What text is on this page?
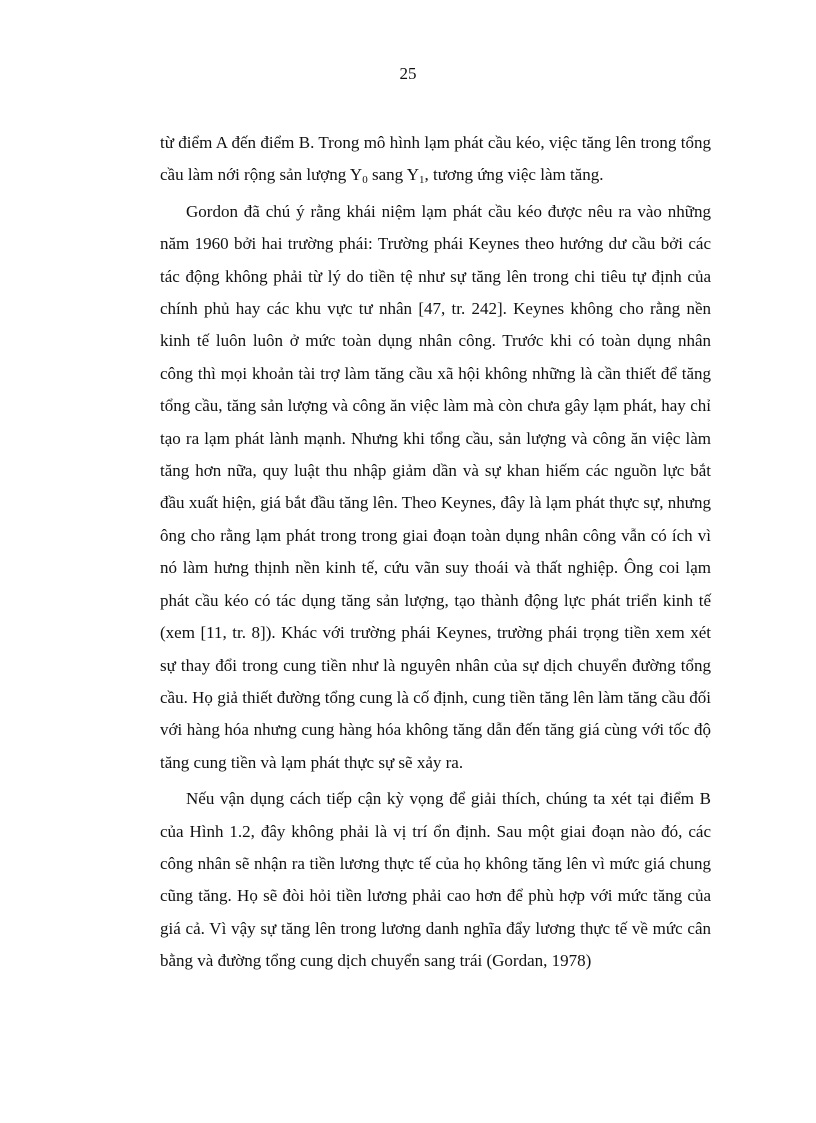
25

từ điểm A đến điểm B. Trong mô hình lạm phát cầu kéo, việc tăng lên trong tổng cầu làm nới rộng sản lượng $Y_0$ sang $Y_1$, tương ứng việc làm tăng.

Gordon đã chú ý rằng khái niệm lạm phát cầu kéo được nêu ra vào những năm 1960 bởi hai trường phái: Trường phái Keynes theo hướng dư cầu bởi các tác động không phải từ lý do tiền tệ như sự tăng lên trong chi tiêu tự định của chính phủ hay các khu vực tư nhân [47, tr. 242]. Keynes không cho rằng nền kinh tế luôn luôn ở mức toàn dụng nhân công. Trước khi có toàn dụng nhân công thì mọi khoản tài trợ làm tăng cầu xã hội không những là cần thiết để tăng tổng cầu, tăng sản lượng và công ăn việc làm mà còn chưa gây lạm phát, hay chỉ tạo ra lạm phát lành mạnh. Nhưng khi tổng cầu, sản lượng và công ăn việc làm tăng hơn nữa, quy luật thu nhập giảm dần và sự khan hiếm các nguồn lực bắt đầu xuất hiện, giá bắt đầu tăng lên. Theo Keynes, đây là lạm phát thực sự, nhưng ông cho rằng lạm phát trong trong giai đoạn toàn dụng nhân công vẫn có ích vì nó làm hưng thịnh nền kinh tế, cứu vãn suy thoái và thất nghiệp. Ông coi lạm phát cầu kéo có tác dụng tăng sản lượng, tạo thành động lực phát triển kinh tế (xem [11, tr. 8]). Khác với trường phái Keynes, trường phái trọng tiền xem xét sự thay đổi trong cung tiền như là nguyên nhân của sự dịch chuyển đường tổng cầu. Họ giả thiết đường tổng cung là cố định, cung tiền tăng lên làm tăng cầu đối với hàng hóa nhưng cung hàng hóa không tăng dẫn đến tăng giá cùng với tốc độ tăng cung tiền và lạm phát thực sự sẽ xảy ra.

Nếu vận dụng cách tiếp cận kỳ vọng để giải thích, chúng ta xét tại điểm B của Hình 1.2, đây không phải là vị trí ổn định. Sau một giai đoạn nào đó, các công nhân sẽ nhận ra tiền lương thực tế của họ không tăng lên vì mức giá chung cũng tăng. Họ sẽ đòi hỏi tiền lương phải cao hơn để phù hợp với mức tăng của giá cả. Vì vậy sự tăng lên trong lương danh nghĩa đẩy lương thực tế về mức cân bằng và đường tổng cung dịch chuyển sang trái (Gordan, 1978)
